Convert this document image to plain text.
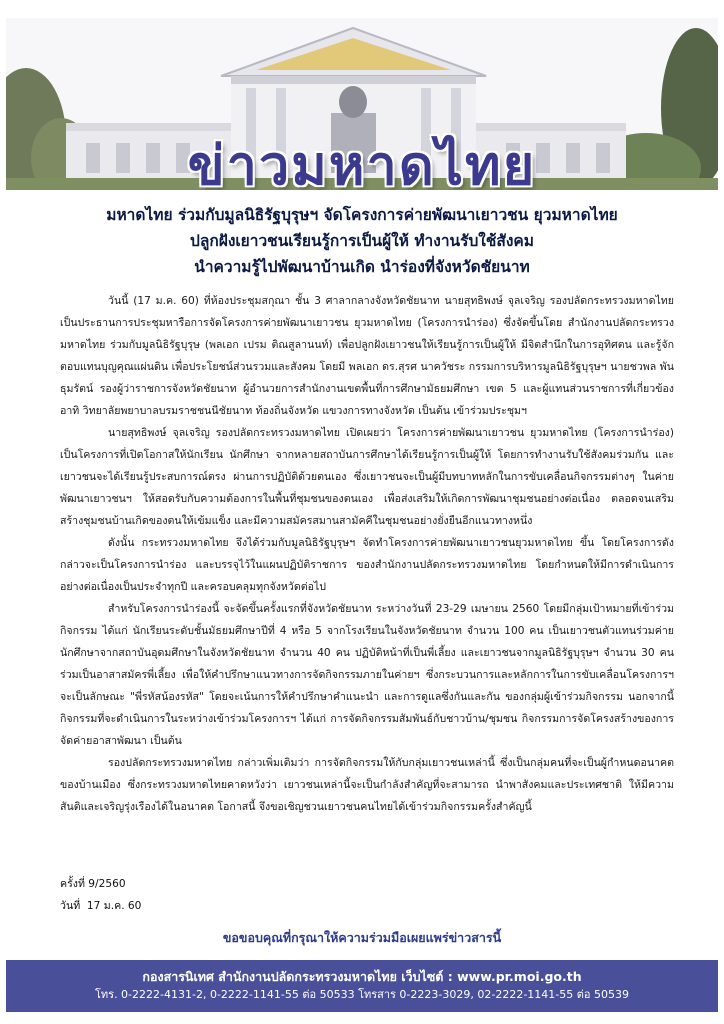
ข่าวมหาดไทย
มหาดไทย ร่วมกับมูลนิธิรัฐบุรุษฯ จัดโครงการค่ายพัฒนาเยาวชน ยุวมหาดไทย
ปลูกฝังเยาวชนเรียนรู้การเป็นผู้ให้ ทำงานรับใช้สังคม
นำความรู้ไปพัฒนาบ้านเกิด นำร่องที่จังหวัดชัยนาท

วันนี้ (17 ม.ค. 60) ที่ห้องประชุมสกุณา ชั้น 3 ศาลากลางจังหวัดชัยนาท นายสุทธิพงษ์ จุลเจริญ รองปลัดกระทรวงมหาดไทย เป็นประธานการประชุมหารือการจัดโครงการค่ายพัฒนาเยาวชน ยุวมหาดไทย (โครงการนำร่อง) ซึ่งจัดขึ้นโดย สำนักงานปลัดกระทรวงมหาดไทย ร่วมกับมูลนิธิรัฐบุรุษ (พลเอก เปรม ติณสูลานนท์) เพื่อปลูกฝังเยาวชนให้เรียนรู้การเป็นผู้ให้ มีจิตสำนึกในการอุทิศตน และรู้จักตอบแทนบุญคุณแผ่นดิน เพื่อประโยชน์ส่วนรวมและสังคม โดยมี พลเอก ดร.สุรศ นาควัชระ กรรมการบริหารมูลนิธิรัฐบุรุษฯ นายชวพล พันธุมรัตน์ รองผู้ว่าราชการจังหวัดชัยนาท ผู้อำนวยการสำนักงานเขตพื้นที่การศึกษามัธยมศึกษา เขต 5 และผู้แทนส่วนราชการที่เกี่ยวข้อง อาทิ วิทยาลัยพยาบาลบรมราชชนนีชัยนาท ท้องถิ่นจังหวัด แขวงการทางจังหวัด เป็นต้น เข้าร่วมประชุมฯ

นายสุทธิพงษ์ จุลเจริญ รองปลัดกระทรวงมหาดไทย เปิดเผยว่า โครงการค่ายพัฒนาเยาวชน ยุวมหาดไทย (โครงการนำร่อง) เป็นโครงการที่เปิดโอกาสให้นักเรียน นักศึกษา จากหลายสถาบันการศึกษาได้เรียนรู้การเป็นผู้ให้ โดยการทำงานรับใช้สังคมร่วมกัน และเยาวชนจะได้เรียนรู้ประสบการณ์ตรง ผ่านการปฏิบัติด้วยตนเอง ซึ่งเยาวชนจะเป็นผู้มีบทบาทหลักในการขับเคลื่อนกิจกรรมต่างๆ ในค่ายพัฒนาเยาวชนฯ ให้สอดรับกับความต้องการในพื้นที่ชุมชนของตนเอง เพื่อส่งเสริมให้เกิดการพัฒนาชุมชนอย่างต่อเนื่อง ตลอดจนเสริมสร้างชุมชนบ้านเกิดของตนให้เข้มแข็ง และมีความสมัครสมานสามัคคีในชุมชนอย่างยั่งยืนอีกแนวทางหนึ่ง

ดังนั้น กระทรวงมหาดไทย จึงได้ร่วมกับมูลนิธิรัฐบุรุษฯ จัดทำโครงการค่ายพัฒนาเยาวชนยุวมหาดไทย ขึ้น โดยโครงการดังกล่าวจะเป็นโครงการนำร่อง และบรรจุไว้ในแผนปฏิบัติราชการ ของสำนักงานปลัดกระทรวงมหาดไทย โดยกำหนดให้มีการดำเนินการอย่างต่อเนื่องเป็นประจำทุกปี และครอบคลุมทุกจังหวัดต่อไป

สำหรับโครงการนำร่องนี้ จะจัดขึ้นครั้งแรกที่จังหวัดชัยนาท ระหว่างวันที่ 23-29 เมษายน 2560 โดยมีกลุ่มเป้าหมายที่เข้าร่วมกิจกรรม ได้แก่ นักเรียนระดับชั้นมัธยมศึกษาปีที่ 4 หรือ 5 จากโรงเรียนในจังหวัดชัยนาท จำนวน 100 คน เป็นเยาวชนตัวแทนร่วมค่าย นักศึกษาจากสถาบันอุดมศึกษาในจังหวัดชัยนาท จำนวน 40 คน ปฏิบัติหน้าที่เป็นพี่เลี้ยง และเยาวชนจากมูลนิธิรัฐบุรุษฯ จำนวน 30 คน ร่วมเป็นอาสาสมัครพี่เลี้ยง เพื่อให้คำปรึกษาแนวทางการจัดกิจกรรมภายในค่ายฯ ซึ่งกระบวนการและหลักการในการขับเคลื่อนโครงการฯ จะเป็นลักษณะ "พี่รหัสน้องรหัส" โดยจะเน้นการให้คำปรึกษาคำแนะนำ และการดูแลซึ่งกันและกัน ของกลุ่มผู้เข้าร่วมกิจกรรม นอกจากนี้ กิจกรรมที่จะดำเนินการในระหว่างเข้าร่วมโครงการฯ ได้แก่ การจัดกิจกรรมสัมพันธ์กับชาวบ้าน/ชุมชน กิจกรรมการจัดโครงสร้างของการจัดค่ายอาสาพัฒนา เป็นต้น

รองปลัดกระทรวงมหาดไทย กล่าวเพิ่มเติมว่า การจัดกิจกรรมให้กับกลุ่มเยาวชนเหล่านี้ ซึ่งเป็นกลุ่มคนที่จะเป็นผู้กำหนดอนาคตของบ้านเมือง ซึ่งกระทรวงมหาดไทยคาดหวังว่า เยาวชนเหล่านี้จะเป็นกำลังสำคัญที่จะสามารถ นำพาสังคมและประเทศชาติ ให้มีความสันติและเจริญรุ่งเรืองได้ในอนาคต โอกาสนี้ จึงขอเชิญชวนเยาวชนคนไทยได้เข้าร่วมกิจกรรมครั้งสำคัญนี้

ครั้งที่ 9/2560
วันที่  17 ม.ค. 60
ขอขอบคุณที่กรุณาให้ความร่วมมือเผยแพร่ข่าวสารนี้
กองสารนิเทศ สำนักงานปลัดกระทรวงมหาดไทย เว็บไซต์ : www.pr.moi.go.th
โทร. 0-2222-4131-2, 0-2222-1141-55 ต่อ 50533 โทรสาร 0-2223-3029, 02-2222-1141-55 ต่อ 50539
